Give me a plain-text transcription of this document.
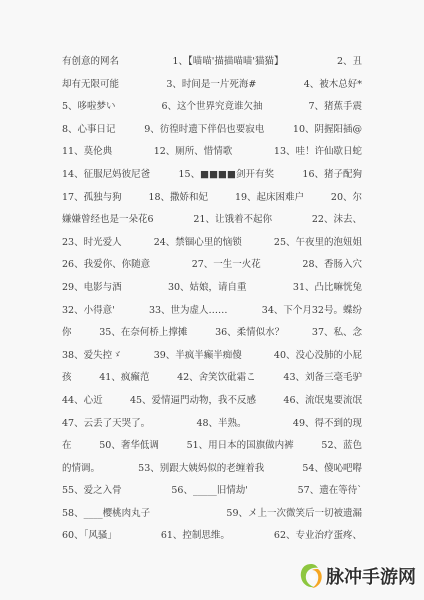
有创意的网名	1、【喵喵'描描喵喵'猫猫】	2、丑
却有无限可能	3、时间是一片死海#	4、被木总好*
5、哆啦梦い	6、这个世界究竟谁欠抽	7、猪蕉手震
8、心事日记	9、彷徨时遗下伴侣也要寂电	10、阴握阳插@
11、莫伦典	12、厕所、惜情歌	13、哇！许仙歇日蛇
14、征服尼妈彼尼爸	15、■■■■剑开有奖	16、猪子配狗
17、孤独与狗	18、撒娇和妃	19、起床困难户	20、尔
嫌嫌曾经也是一朵花6	21、让饿着不起你	22、沫去、
23、时光爱人	24、禁锢心里的恼锁	25、午夜里的泡妞姐
26、我爱你、你随意	27、一生一火花	28、香肠入穴
29、电影与酒	30、姑娘，请自重	31、凸比嘛恍兔
32、小得意'	33、世为虚人……	34、下个月32号。蝶纷
你	35、在奈何桥上撑摊	36、柔情似水？	37、私、念
38、爱失控ゞ	39、半疯半癫半痴傻	40、没心没肺的小屁
孩	41、疯癫范	42、舍笑饮砒霜こ	43、刘备三毫毛驴
44、心近	45、爱情逼門动物，我不反感	46、流氓鬼要流氓
47、云丢了天哭了。	48、半熟。	49、得不到的现
在	50、奢华低调	51、用日本的国旗做内裤	52、蓝色
的情调。	53、别跟大姨妈似的老缠着我	54、傻吣吧嘚
55、爱之入骨	56、_____旧情劫'	57、遗在等待`
58、____樱桃肉丸子	59、メ上一次微笑后一切被遗漏
60、「风骚」	61、控制思维。	62、专业治疗蛋疼、
脉冲手游网
